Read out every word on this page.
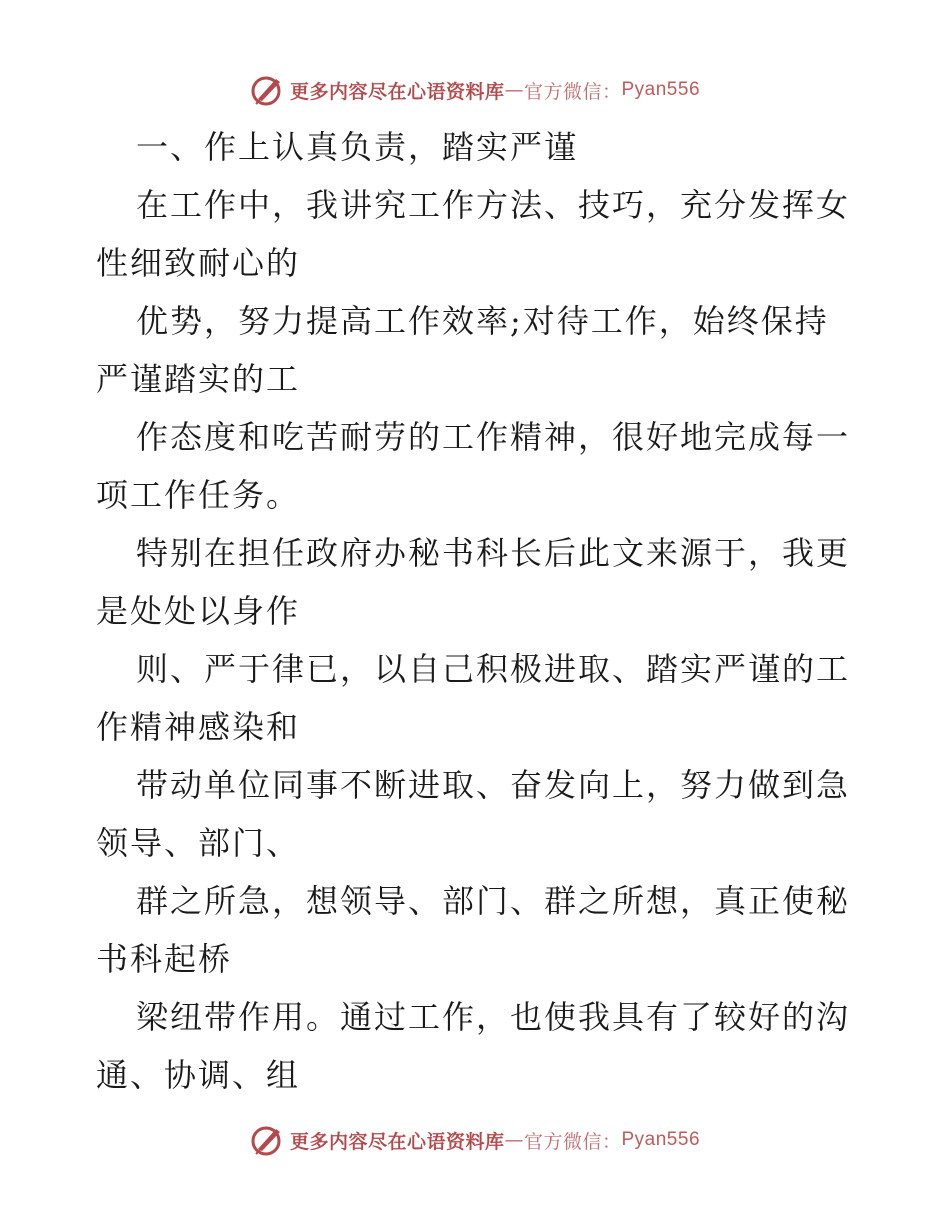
更多内容尽在心语资料库 — 官方微信： Pyan556

一、作上认真负责，踏实严谨

在工作中，我讲究工作方法、技巧，充分发挥女性细致耐心的

优势，努力提高工作效率;对待工作，始终保持严谨踏实的工

作态度和吃苦耐劳的工作精神，很好地完成每一项工作任务。

特别在担任政府办秘书科长后此文来源于，我更是处处以身作

则、严于律已，以自己积极进取、踏实严谨的工作精神感染和

带动单位同事不断进取、奋发向上，努力做到急领导、部门、

群之所急，想领导、部门、群之所想，真正使秘书科起桥

梁纽带作用。通过工作，也使我具有了较好的沟通、协调、组

更多内容尽在心语资料库 — 官方微信： Pyan556
